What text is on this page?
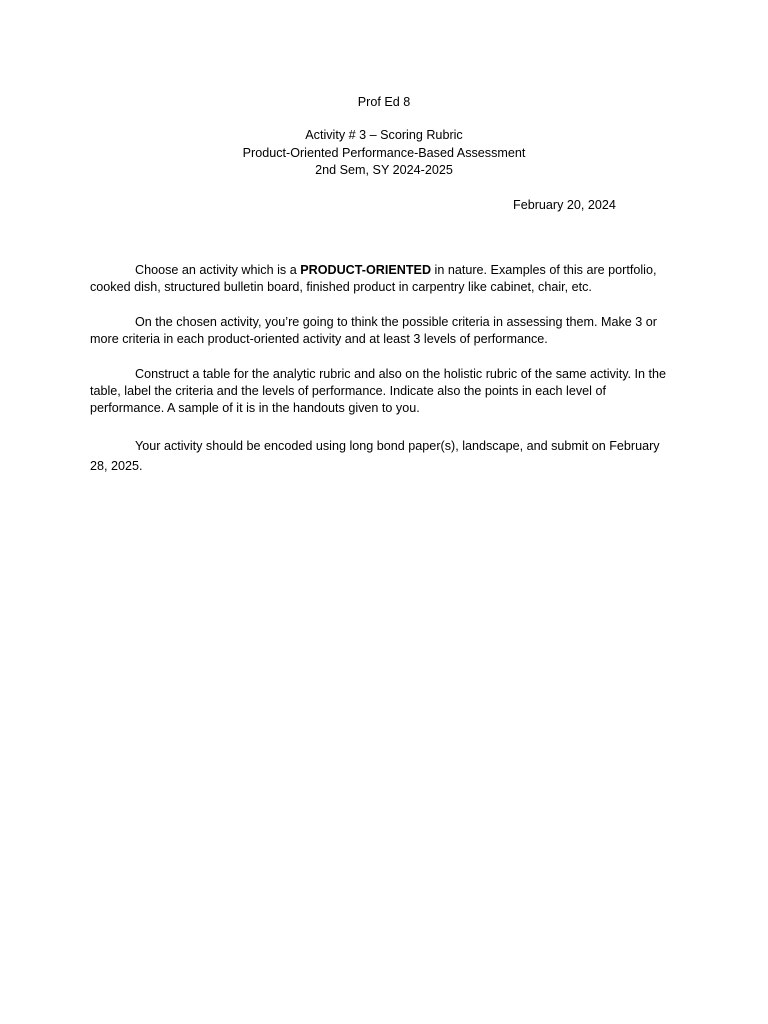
Prof Ed 8
Activity # 3 – Scoring Rubric
Product-Oriented Performance-Based Assessment
2nd Sem, SY 2024-2025
February 20, 2024
Choose an activity which is a PRODUCT-ORIENTED in nature. Examples of this are portfolio, cooked dish, structured bulletin board, finished product in carpentry like cabinet, chair, etc.
On the chosen activity, you’re going to think the possible criteria in assessing them. Make 3 or more criteria in each product-oriented activity and at least 3 levels of performance.
Construct a table for the analytic rubric and also on the holistic rubric of the same activity. In the table, label the criteria and the levels of performance. Indicate also the points in each level of performance. A sample of it is in the handouts given to you.
Your activity should be encoded using long bond paper(s), landscape, and submit on February 28, 2025.
